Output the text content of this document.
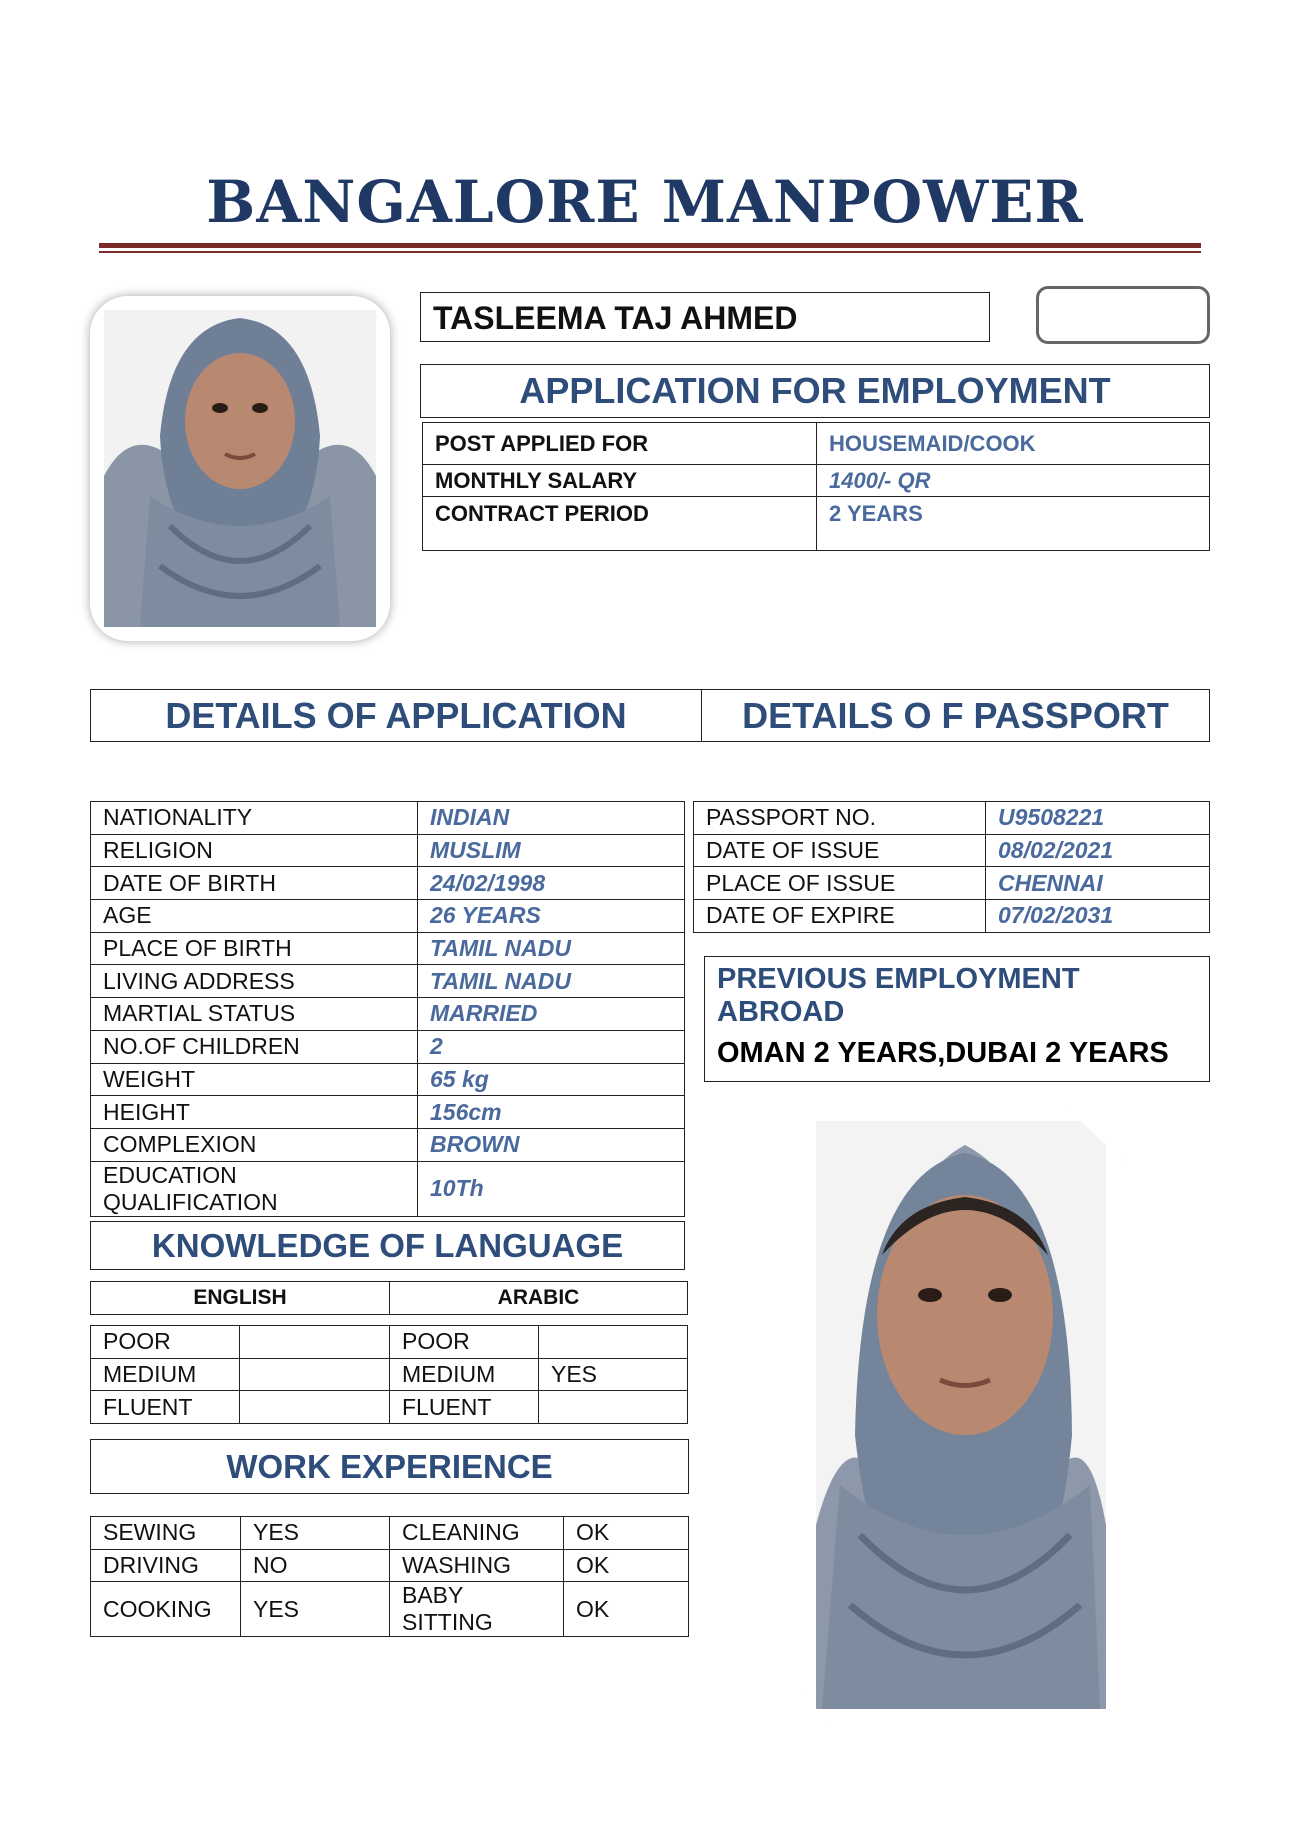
BANGALORE MANPOWER
TASLEEMA TAJ AHMED
APPLICATION FOR EMPLOYMENT
POST APPLIED FOR	HOUSEMAID/COOK
MONTHLY SALARY	1400/- QR
CONTRACT PERIOD	2 YEARS
DETAILS OF APPLICATION	DETAILS O F PASSPORT
NATIONALITY	INDIAN
RELIGION	MUSLIM
DATE OF BIRTH	24/02/1998
AGE	26 YEARS
PLACE OF BIRTH	TAMIL NADU
LIVING ADDRESS	TAMIL NADU
MARTIAL STATUS	MARRIED
NO.OF CHILDREN	2
WEIGHT	65 kg
HEIGHT	156cm
COMPLEXION	BROWN
EDUCATION QUALIFICATION	10Th
PASSPORT NO.	U9508221
DATE OF ISSUE	08/02/2021
PLACE OF ISSUE	CHENNAI
DATE OF EXPIRE	07/02/2031
PREVIOUS EMPLOYMENT ABROAD
OMAN 2 YEARS,DUBAI 2 YEARS
KNOWLEDGE OF LANGUAGE
ENGLISH	ARABIC
POOR		POOR	
MEDIUM		MEDIUM	YES
FLUENT		FLUENT	
WORK EXPERIENCE
SEWING	YES	CLEANING	OK
DRIVING	NO	WASHING	OK
COOKING	YES	BABY SITTING	OK
